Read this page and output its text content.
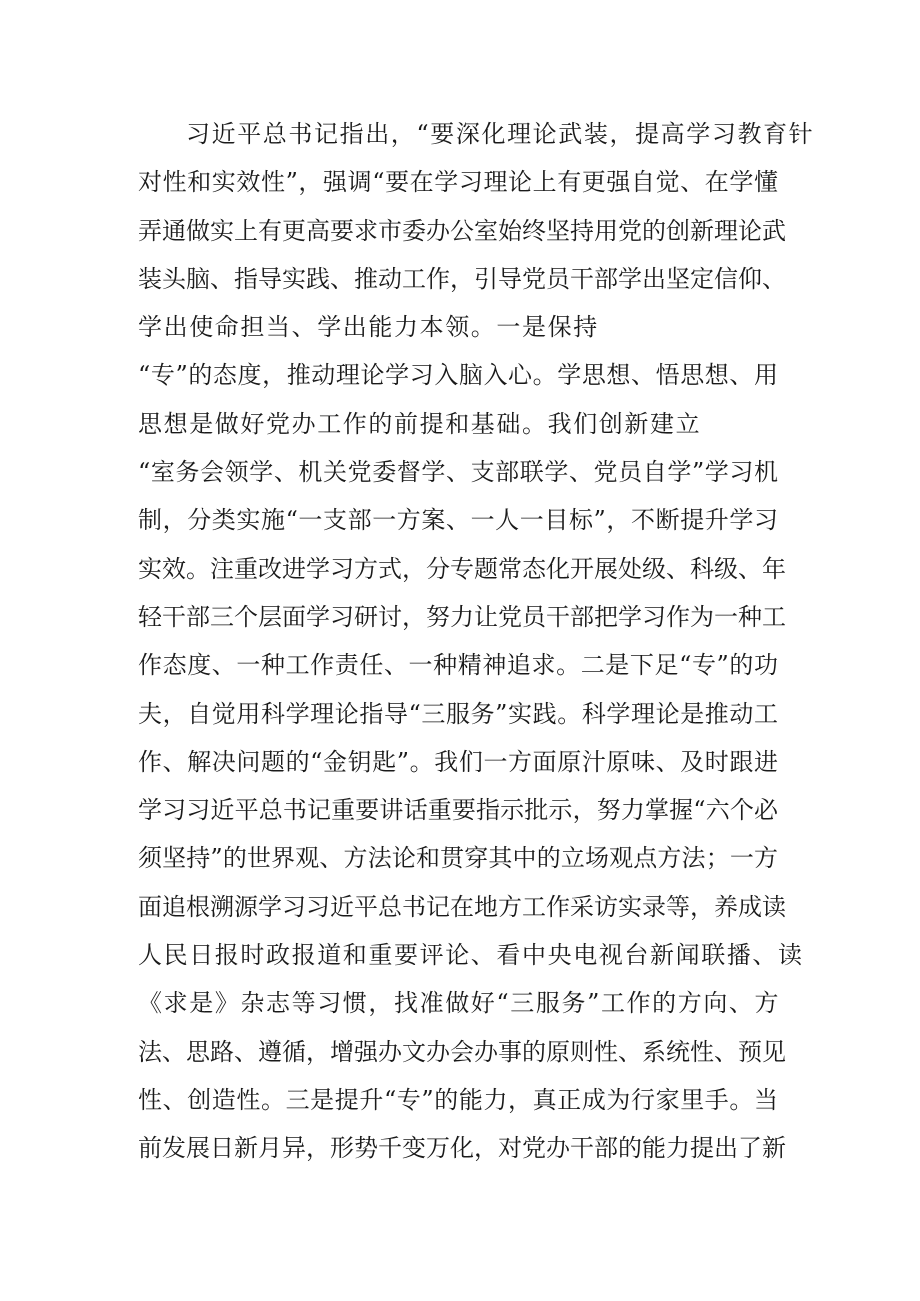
习近平总书记指出，“要深化理论武装，提高学习教育针
对性和实效性”，强调“要在学习理论上有更强自觉、在学懂
弄通做实上有更高要求市委办公室始终坚持用党的创新理论武
装头脑、指导实践、推动工作，引导党员干部学出坚定信仰、
学出使命担当、学出能力本领。一是保持
“专”的态度，推动理论学习入脑入心。学思想、悟思想、用
思想是做好党办工作的前提和基础。我们创新建立
“室务会领学、机关党委督学、支部联学、党员自学”学习机
制，分类实施“一支部一方案、一人一目标”，不断提升学习
实效。注重改进学习方式，分专题常态化开展处级、科级、年
轻干部三个层面学习研讨，努力让党员干部把学习作为一种工
作态度、一种工作责任、一种精神追求。二是下足“专”的功
夫，自觉用科学理论指导“三服务”实践。科学理论是推动工
作、解决问题的“金钥匙”。我们一方面原汁原味、及时跟进
学习习近平总书记重要讲话重要指示批示，努力掌握“六个必
须坚持”的世界观、方法论和贯穿其中的立场观点方法；一方
面追根溯源学习习近平总书记在地方工作采访实录等，养成读
人民日报时政报道和重要评论、看中央电视台新闻联播、读
《求是》杂志等习惯，找准做好“三服务”工作的方向、方
法、思路、遵循，增强办文办会办事的原则性、系统性、预见
性、创造性。三是提升“专”的能力，真正成为行家里手。当
前发展日新月异，形势千变万化，对党办干部的能力提出了新
